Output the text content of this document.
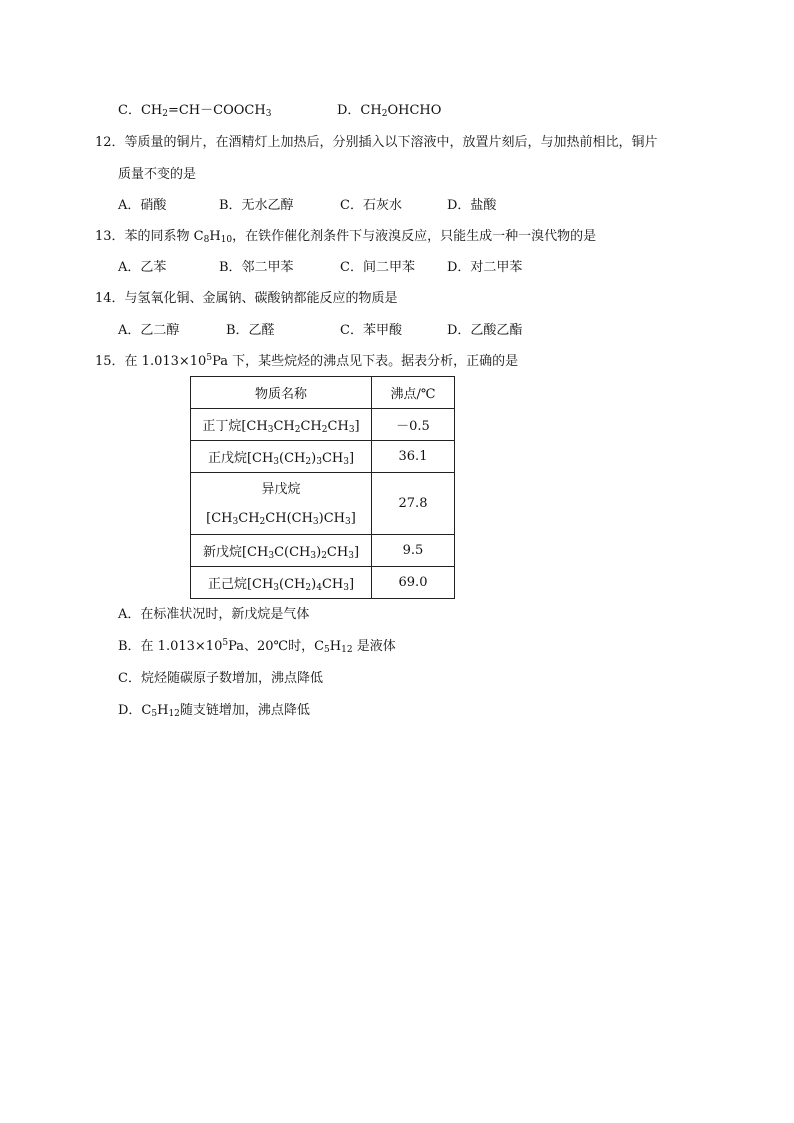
C．$CH_2=CH-COOCH_3$	D．$CH_2OHCHO$
12．等质量的铜片，在酒精灯上加热后，分别插入以下溶液中，放置片刻后，与加热前相比，铜片
质量不变的是
A．硝酸	B．无水乙醇	C．石灰水	D．盐酸
13．苯的同系物 $C_8H_{10}$，在铁作催化剂条件下与液溴反应，只能生成一种一溴代物的是
A．乙苯	B．邻二甲苯	C．间二甲苯 D．对二甲苯
14．与氢氧化铜、金属钠、碳酸钠都能反应的物质是
A．乙二醇	B．乙醛	C．苯甲酸	D．乙酸乙酯
15．在 $1.013\times 10^5Pa$ 下，某些烷烃的沸点见下表。据表分析，正确的是
物质名称	沸点/℃
正丁烷$[CH_3CH_2CH_2CH_3]$	－0.5
正戊烷$[CH_3(CH_2)_3CH_3]$	36.1
异戊烷
$[CH_3CH_2CH(CH_3)CH_3]$	27.8
新戊烷$[CH_3C(CH_3)_2CH_3]$	9.5
正己烷$[CH_3(CH_2)_4CH_3]$	69.0
A．在标准状况时，新戊烷是气体
B．在 $1.013\times 10^5Pa$、20℃时，$C_5H_{12}$ 是液体
C．烷烃随碳原子数增加，沸点降低
D．$C_5H_{12}$随支链增加，沸点降低
